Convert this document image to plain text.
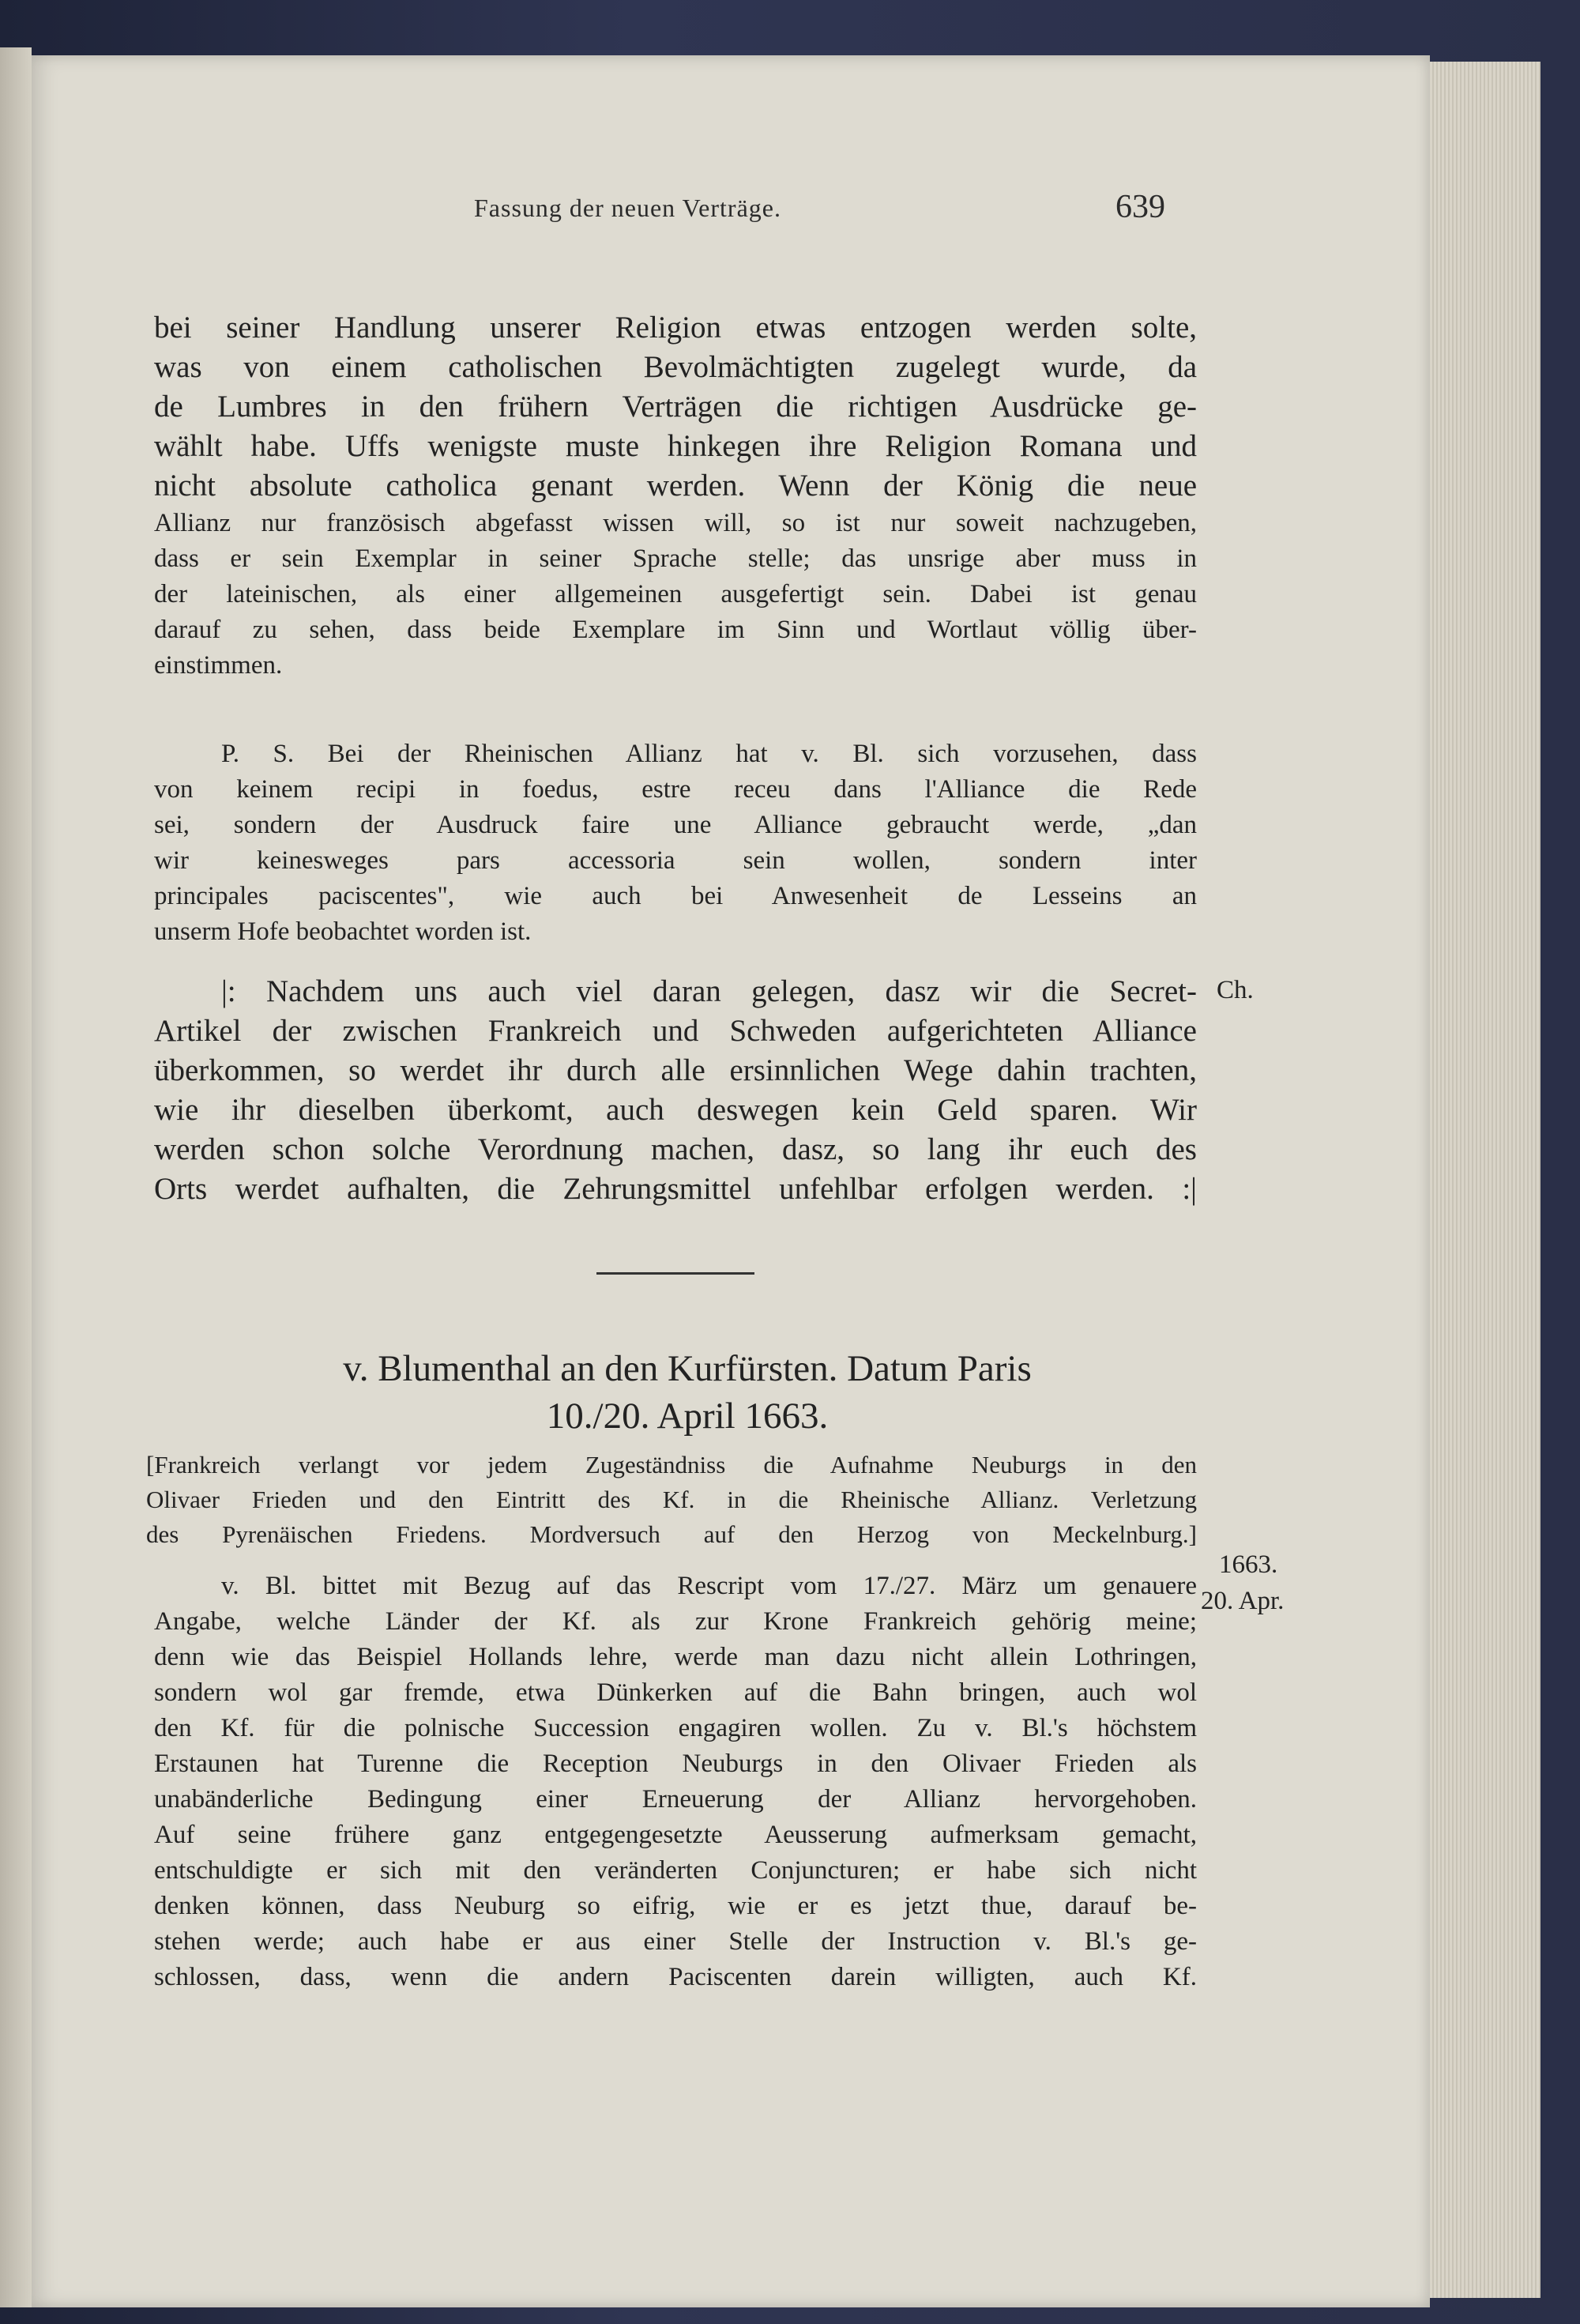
Fassung der neuen Verträge.	639
bei seiner Handlung unserer Religion etwas entzogen werden solte,
was von einem catholischen Bevolmächtigten zugelegt wurde, da
de Lumbres in den frühern Verträgen die richtigen Ausdrücke ge-
wählt habe. Uffs wenigste muste hinkegen ihre Religion Romana und
nicht absolute catholica genant werden. Wenn der König die neue
Allianz nur französisch abgefasst wissen will, so ist nur soweit nachzugeben,
dass er sein Exemplar in seiner Sprache stelle; das unsrige aber muss in
der lateinischen, als einer allgemeinen ausgefertigt sein. Dabei ist genau
darauf zu sehen, dass beide Exemplare im Sinn und Wortlaut völlig über-
einstimmen.
P. S. Bei der Rheinischen Allianz hat v. Bl. sich vorzusehen, dass
von keinem recipi in foedus, estre receu dans l'Alliance die Rede
sei, sondern der Ausdruck faire une Alliance gebraucht werde, „dan
wir keinesweges pars accessoria sein wollen, sondern inter
principales paciscentes", wie auch bei Anwesenheit de Lesseins an
unserm Hofe beobachtet worden ist.
|: Nachdem uns auch viel daran gelegen, dasz wir die Secret-
Artikel der zwischen Frankreich und Schweden aufgerichteten Alliance
überkommen, so werdet ihr durch alle ersinnlichen Wege dahin trachten,
wie ihr dieselben überkomt, auch deswegen kein Geld sparen. Wir
werden schon solche Verordnung machen, dasz, so lang ihr euch des
Orts werdet aufhalten, die Zehrungsmittel unfehlbar erfolgen werden. :|
Ch.
v. Blumenthal an den Kurfürsten. Datum Paris
10./20. April 1663.
[Frankreich verlangt vor jedem Zugeständniss die Aufnahme Neuburgs in den
Olivaer Frieden und den Eintritt des Kf. in die Rheinische Allianz. Verletzung
des Pyrenäischen Friedens. Mordversuch auf den Herzog von Meckelnburg.]
1663.
20. Apr.
v. Bl. bittet mit Bezug auf das Rescript vom 17./27. März um genauere
Angabe, welche Länder der Kf. als zur Krone Frankreich gehörig meine;
denn wie das Beispiel Hollands lehre, werde man dazu nicht allein Lothringen,
sondern wol gar fremde, etwa Dünkerken auf die Bahn bringen, auch wol
den Kf. für die polnische Succession engagiren wollen. Zu v. Bl.'s höchstem
Erstaunen hat Turenne die Reception Neuburgs in den Olivaer Frieden als
unabänderliche Bedingung einer Erneuerung der Allianz hervorgehoben.
Auf seine frühere ganz entgegengesetzte Aeusserung aufmerksam gemacht,
entschuldigte er sich mit den veränderten Conjuncturen; er habe sich nicht
denken können, dass Neuburg so eifrig, wie er es jetzt thue, darauf be-
stehen werde; auch habe er aus einer Stelle der Instruction v. Bl.'s ge-
schlossen, dass, wenn die andern Paciscenten darein willigten, auch Kf.
